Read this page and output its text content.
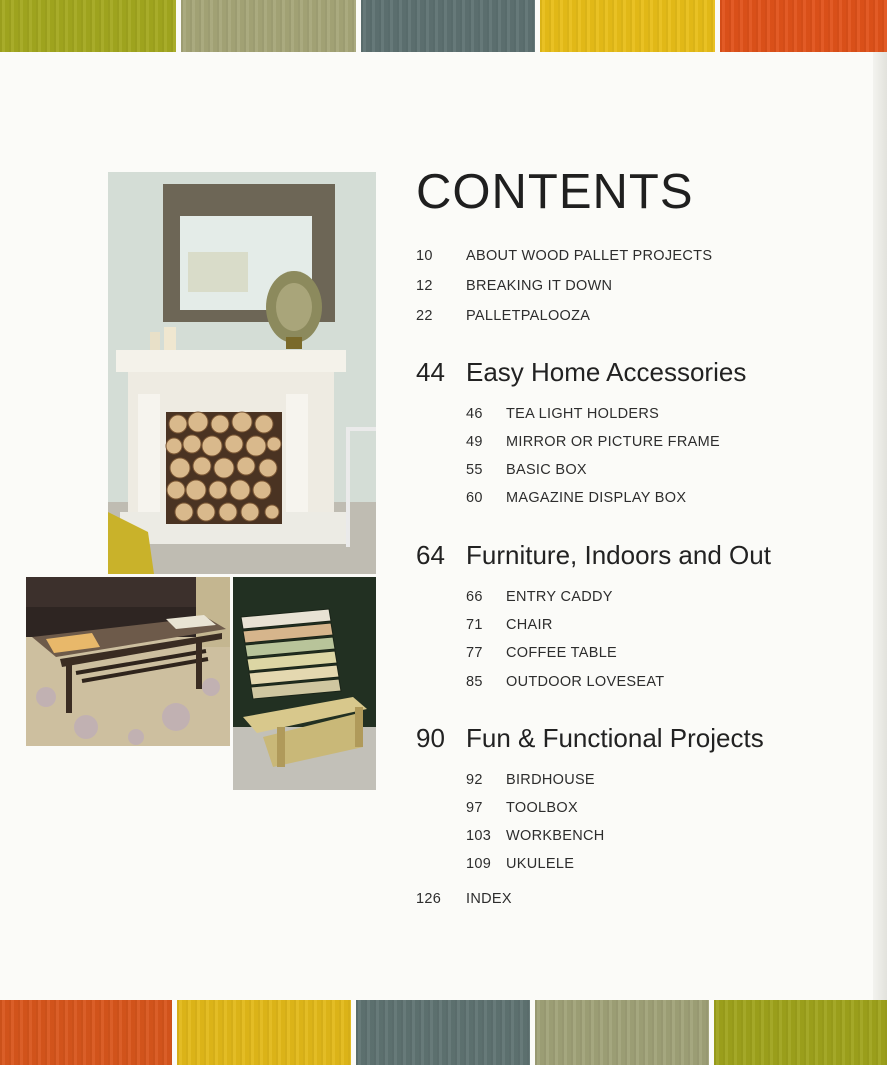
CONTENTS
10 ABOUT WOOD PALLET PROJECTS
12 BREAKING IT DOWN
22 PALLETPALOOZA
44 Easy Home Accessories
46 TEA LIGHT HOLDERS
49 MIRROR OR PICTURE FRAME
55 BASIC BOX
60 MAGAZINE DISPLAY BOX
64 Furniture, Indoors and Out
66 ENTRY CADDY
71 CHAIR
77 COFFEE TABLE
85 OUTDOOR LOVESEAT
90 Fun & Functional Projects
92 BIRDHOUSE
97 TOOLBOX
103 WORKBENCH
109 UKULELE
126 INDEX
